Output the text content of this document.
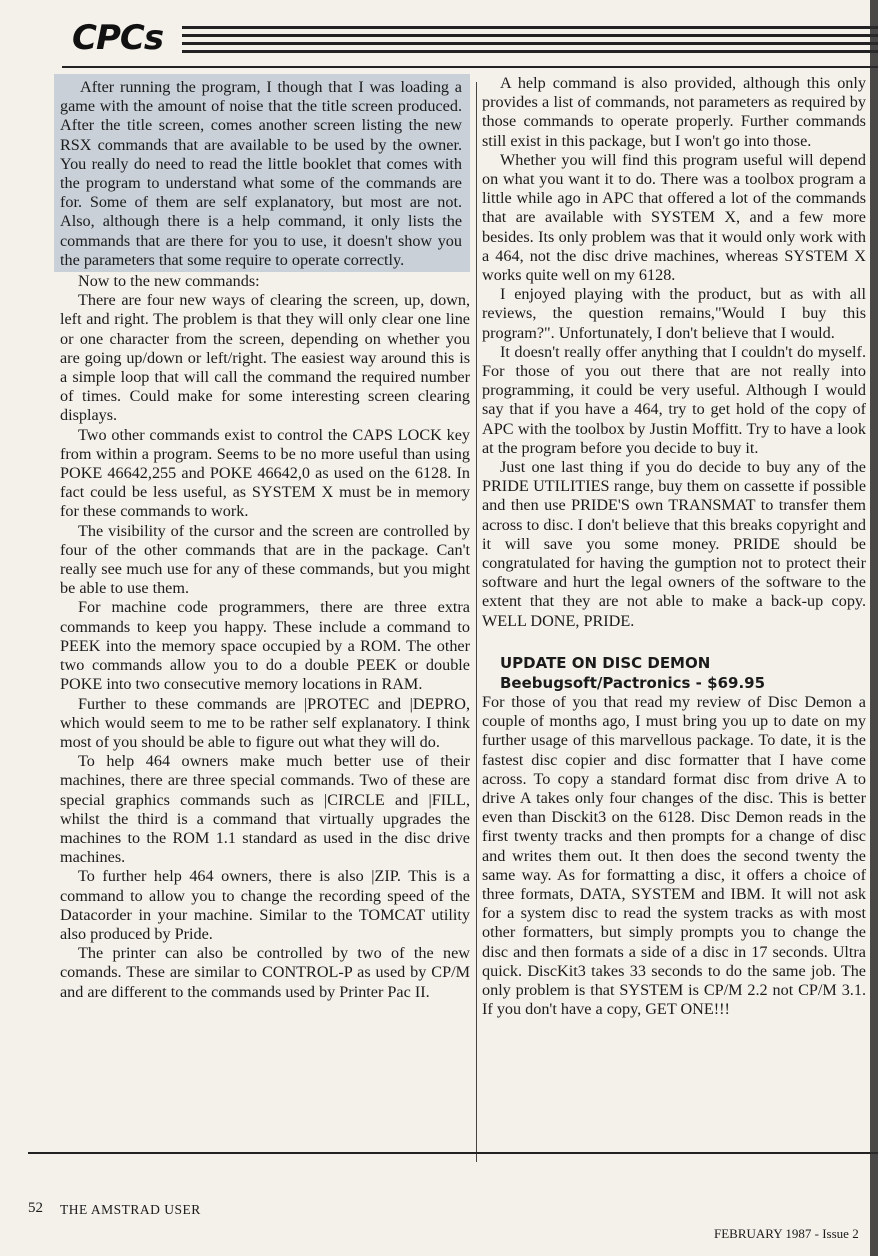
CPCs

After running the program, I though that I was loading a game with the amount of noise that the title screen produced. After the title screen, comes another screen listing the new RSX commands that are available to be used by the owner. You really do need to read the little booklet that comes with the program to understand what some of the commands are for. Some of them are self explanatory, but most are not. Also, although there is a help command, it only lists the commands that are there for you to use, it doesn't show you the parameters that some require to operate correctly.

Now to the new commands:

There are four new ways of clearing the screen, up, down, left and right. The problem is that they will only clear one line or one character from the screen, depending on whether you are going up/down or left/right. The easiest way around this is a simple loop that will call the command the required number of times. Could make for some interesting screen clearing displays.

Two other commands exist to control the CAPS LOCK key from within a program. Seems to be no more useful than using POKE 46642,255 and POKE 46642,0 as used on the 6128. In fact could be less useful, as SYSTEM X must be in memory for these commands to work.

The visibility of the cursor and the screen are controlled by four of the other commands that are in the package. Can't really see much use for any of these commands, but you might be able to use them.

For machine code programmers, there are three extra commands to keep you happy. These include a command to PEEK into the memory space occupied by a ROM. The other two commands allow you to do a double PEEK or double POKE into two consecutive memory locations in RAM.

Further to these commands are |PROTEC and |DEPRO, which would seem to me to be rather self explanatory. I think most of you should be able to figure out what they will do.

To help 464 owners make much better use of their machines, there are three special commands. Two of these are special graphics commands such as |CIRCLE and |FILL, whilst the third is a command that virtually upgrades the machines to the ROM 1.1 standard as used in the disc drive machines.

To further help 464 owners, there is also |ZIP. This is a command to allow you to change the recording speed of the Datacorder in your machine. Similar to the TOMCAT utility also produced by Pride.

The printer can also be controlled by two of the new comands. These are similar to CONTROL-P as used by CP/M and are different to the commands used by Printer Pac II.

A help command is also provided, although this only provides a list of commands, not parameters as required by those commands to operate properly. Further commands still exist in this package, but I won't go into those.

Whether you will find this program useful will depend on what you want it to do. There was a toolbox program a little while ago in APC that offered a lot of the commands that are available with SYSTEM X, and a few more besides. Its only problem was that it would only work with a 464, not the disc drive machines, whereas SYSTEM X works quite well on my 6128.

I enjoyed playing with the product, but as with all reviews, the question remains,"Would I buy this program?". Unfortunately, I don't believe that I would.

It doesn't really offer anything that I couldn't do myself. For those of you out there that are not really into programming, it could be very useful. Although I would say that if you have a 464, try to get hold of the copy of APC with the toolbox by Justin Moffitt. Try to have a look at the program before you decide to buy it.

Just one last thing if you do decide to buy any of the PRIDE UTILITIES range, buy them on cassette if possible and then use PRIDE'S own TRANSMAT to transfer them across to disc. I don't believe that this breaks copyright and it will save you some money. PRIDE should be congratulated for having the gumption not to protect their software and hurt the legal owners of the software to the extent that they are not able to make a back-up copy. WELL DONE, PRIDE.

UPDATE ON DISC DEMON

Beebugsoft/Pactronics - $69.95

For those of you that read my review of Disc Demon a couple of months ago, I must bring you up to date on my further usage of this marvellous package. To date, it is the fastest disc copier and disc formatter that I have come across. To copy a standard format disc from drive A to drive A takes only four changes of the disc. This is better even than Disckit3 on the 6128. Disc Demon reads in the first twenty tracks and then prompts for a change of disc and writes them out. It then does the second twenty the same way. As for formatting a disc, it offers a choice of three formats, DATA, SYSTEM and IBM. It will not ask for a system disc to read the system tracks as with most other formatters, but simply prompts you to change the disc and then formats a side of a disc in 17 seconds. Ultra quick. DiscKit3 takes 33 seconds to do the same job. The only problem is that SYSTEM is CP/M 2.2 not CP/M 3.1. If you don't have a copy, GET ONE!!!

52 THE AMSTRAD USER
FEBRUARY 1987 - Issue 2
